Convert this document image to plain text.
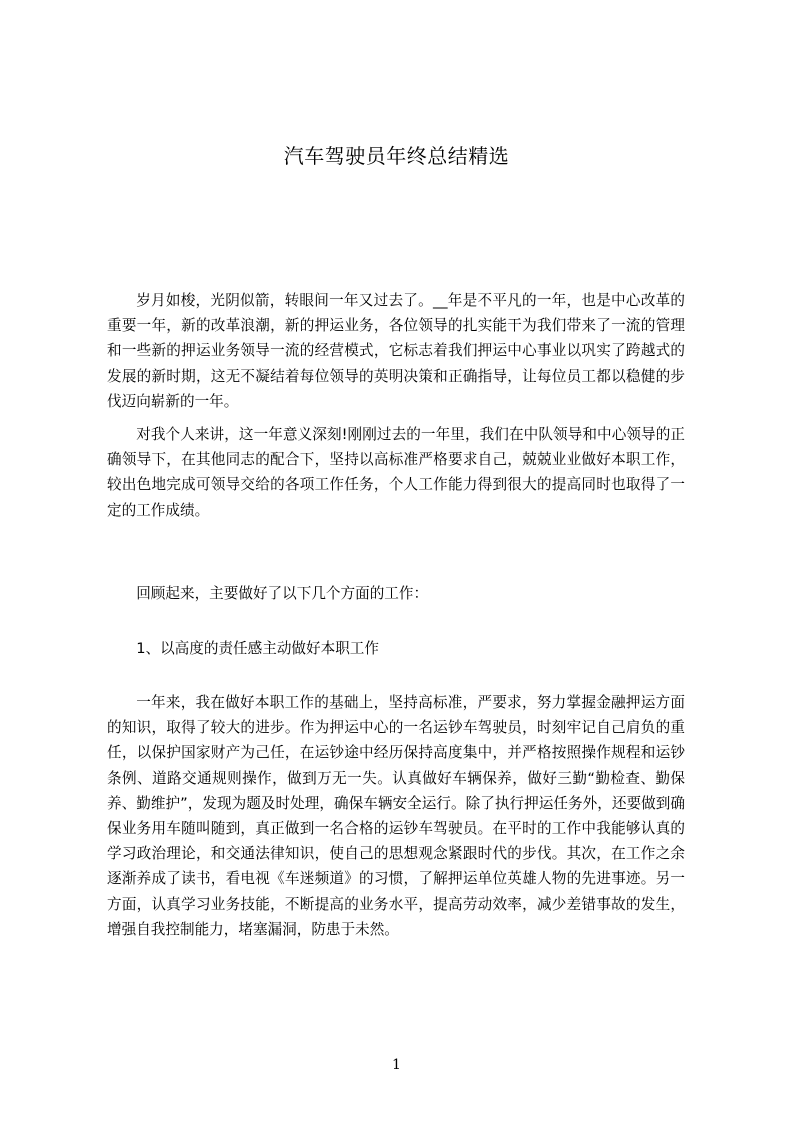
汽车驾驶员年终总结精选

岁月如梭，光阴似箭，转眼间一年又过去了。__年是不平凡的一年，也是中心改革的重要一年，新的改革浪潮，新的押运业务，各位领导的扎实能干为我们带来了一流的管理和一些新的押运业务领导一流的经营模式，它标志着我们押运中心事业以巩实了跨越式的发展的新时期，这无不凝结着每位领导的英明决策和正确指导，让每位员工都以稳健的步伐迈向崭新的一年。

对我个人来讲，这一年意义深刻!刚刚过去的一年里，我们在中队领导和中心领导的正确领导下，在其他同志的配合下，坚持以高标准严格要求自己，兢兢业业做好本职工作，较出色地完成可领导交给的各项工作任务，个人工作能力得到很大的提高同时也取得了一定的工作成绩。

回顾起来，主要做好了以下几个方面的工作：

1、以高度的责任感主动做好本职工作

一年来，我在做好本职工作的基础上，坚持高标准，严要求，努力掌握金融押运方面的知识，取得了较大的进步。作为押运中心的一名运钞车驾驶员，时刻牢记自己肩负的重任，以保护国家财产为己任，在运钞途中经历保持高度集中，并严格按照操作规程和运钞条例、道路交通规则操作，做到万无一失。认真做好车辆保养，做好三勤“勤检查、勤保养、勤维护”，发现为题及时处理，确保车辆安全运行。除了执行押运任务外，还要做到确保业务用车随叫随到，真正做到一名合格的运钞车驾驶员。在平时的工作中我能够认真的学习政治理论，和交通法律知识，使自己的思想观念紧跟时代的步伐。其次，在工作之余逐渐养成了读书，看电视《车迷频道》的习惯，了解押运单位英雄人物的先进事迹。另一方面，认真学习业务技能，不断提高的业务水平，提高劳动效率，减少差错事故的发生，增强自我控制能力，堵塞漏洞，防患于未然。

1
